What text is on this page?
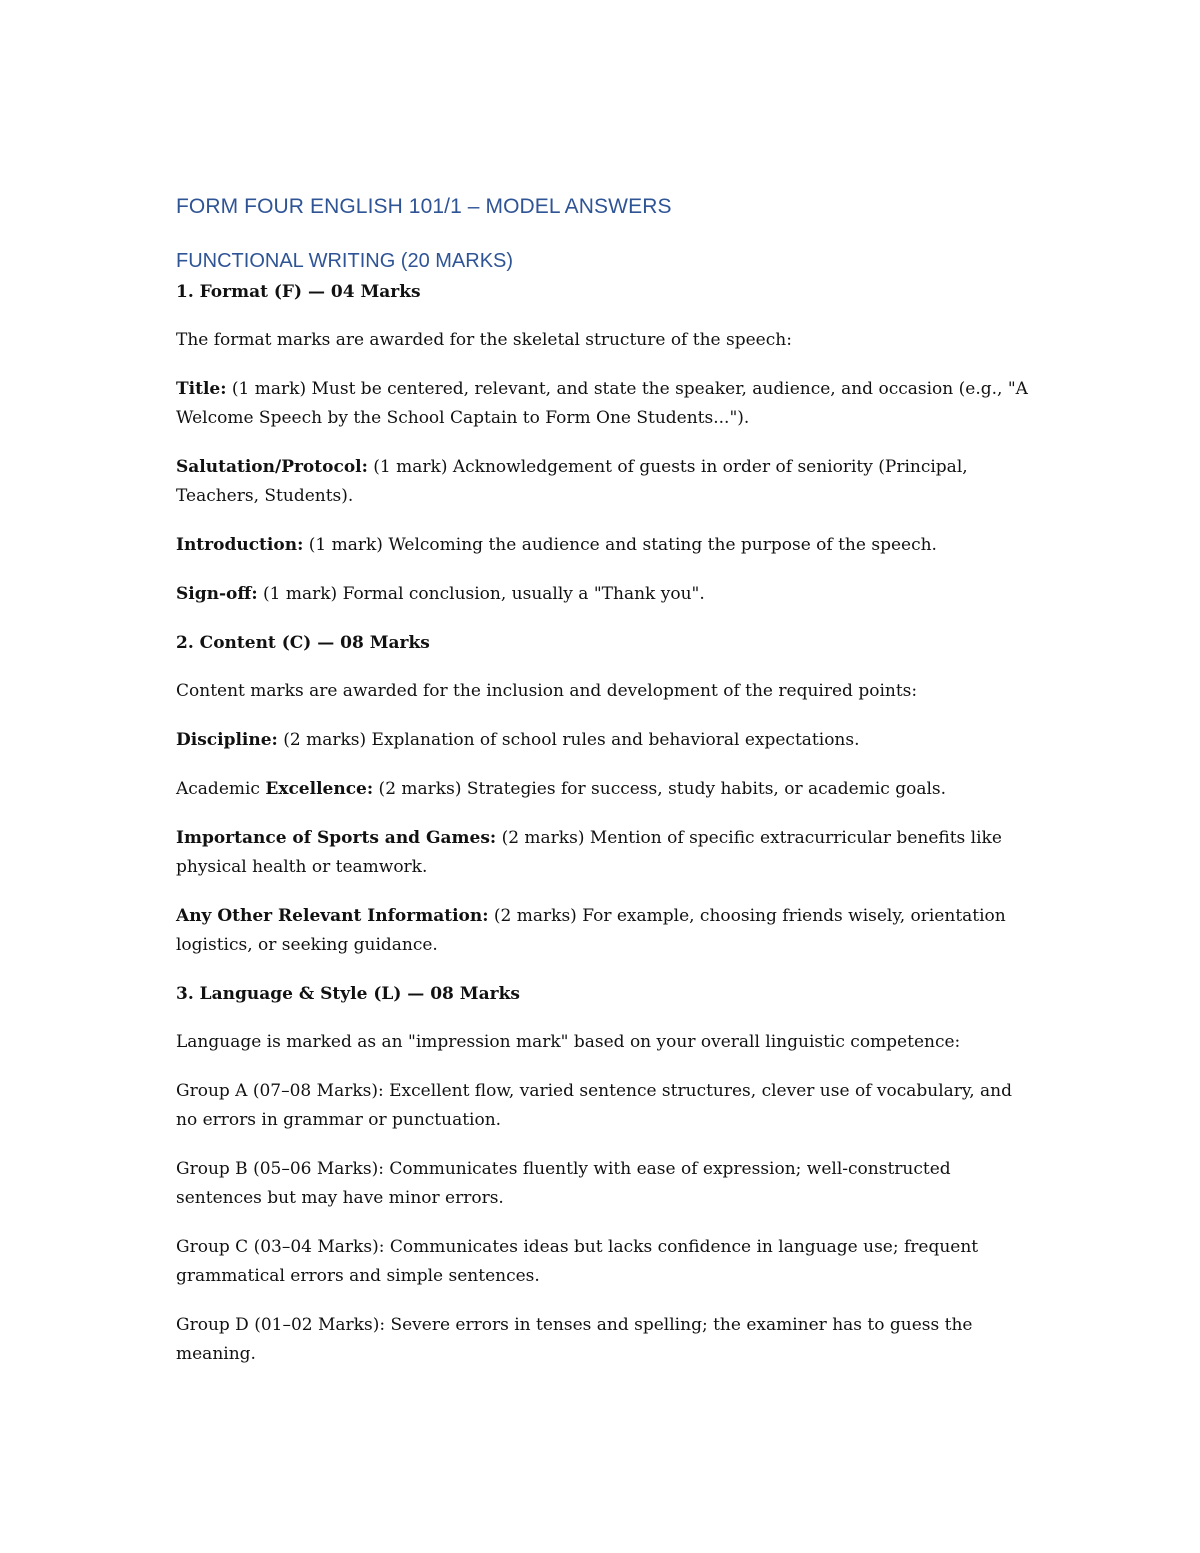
FORM FOUR ENGLISH 101/1 – MODEL ANSWERS
FUNCTIONAL WRITING (20 MARKS)
1. Format (F) — 04 Marks

The format marks are awarded for the skeletal structure of the speech:

Title: (1 mark) Must be centered, relevant, and state the speaker, audience, and occasion (e.g., "A Welcome Speech by the School Captain to Form One Students...").

Salutation/Protocol: (1 mark) Acknowledgement of guests in order of seniority (Principal, Teachers, Students).

Introduction: (1 mark) Welcoming the audience and stating the purpose of the speech.

Sign-off: (1 mark) Formal conclusion, usually a "Thank you".

2. Content (C) — 08 Marks

Content marks are awarded for the inclusion and development of the required points:

Discipline: (2 marks) Explanation of school rules and behavioral expectations.

Academic Excellence: (2 marks) Strategies for success, study habits, or academic goals.

Importance of Sports and Games: (2 marks) Mention of specific extracurricular benefits like physical health or teamwork.

Any Other Relevant Information: (2 marks) For example, choosing friends wisely, orientation logistics, or seeking guidance.

3. Language & Style (L) — 08 Marks

Language is marked as an "impression mark" based on your overall linguistic competence:

Group A (07–08 Marks): Excellent flow, varied sentence structures, clever use of vocabulary, and no errors in grammar or punctuation.

Group B (05–06 Marks): Communicates fluently with ease of expression; well-constructed sentences but may have minor errors.

Group C (03–04 Marks): Communicates ideas but lacks confidence in language use; frequent grammatical errors and simple sentences.

Group D (01–02 Marks): Severe errors in tenses and spelling; the examiner has to guess the meaning.
